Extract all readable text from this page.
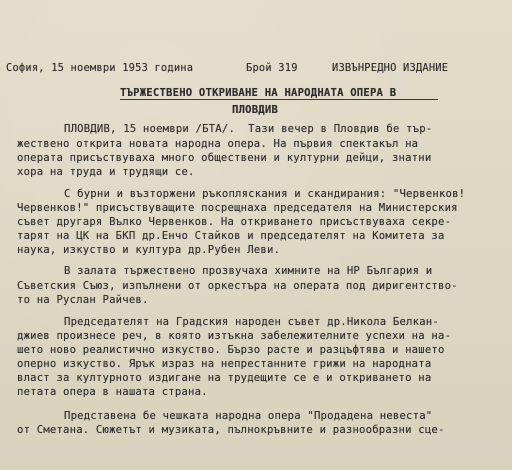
София, 15 ноември 1953 година	Брой 319	ИЗВЪНРЕДНО ИЗДАНИЕ
ТЪРЖЕСТВЕНО ОТКРИВАНЕ НА НАРОДНАТА ОПЕРА В
ПЛОВДИВ
ПЛОВДИВ, 15 ноември /БТА/.  Тази вечер в Пловдив бе тър-
жествено открита новата народна опера. На първия спектакъл на
операта присъствуваха много обществени и културни дейци, знатни
хора на труда и трудящи се.
С бурни и възторжени ръкопляскания и скандирания: "Червенков!
Червенков!" присъствуващите посрещнаха председателя на Министерския
съвет другаря Вълко Червенков. На откриването присъствуваха секре-
тарят на ЦК на БКП др.Енчо Стайков и председателят на Комитета за
наука, изкуство и култура др.Рубен Леви.
В залата тържествено прозвучаха химните на НР България и
Съветския Съюз, изпълнени от оркестъра на операта под диригентство-
то на Руслан Райчев.
Председателят на Градския народен съвет др.Никола Белкан-
джиев произнесе реч, в която изтъкна забележителните успехи на на-
шето ново реалистично изкуство. Бързо расте и разцъфтява и нашето
оперно изкуство. Ярък израз на непрестанните грижи на народната
власт за културното издигане на трудещите се е и откриването на
петата опера в нашата страна.
Представена бе чешката народна опера "Продадена невеста"
от Сметана. Сюжетът и музиката, пълнокръвните и разнообразни сце-
